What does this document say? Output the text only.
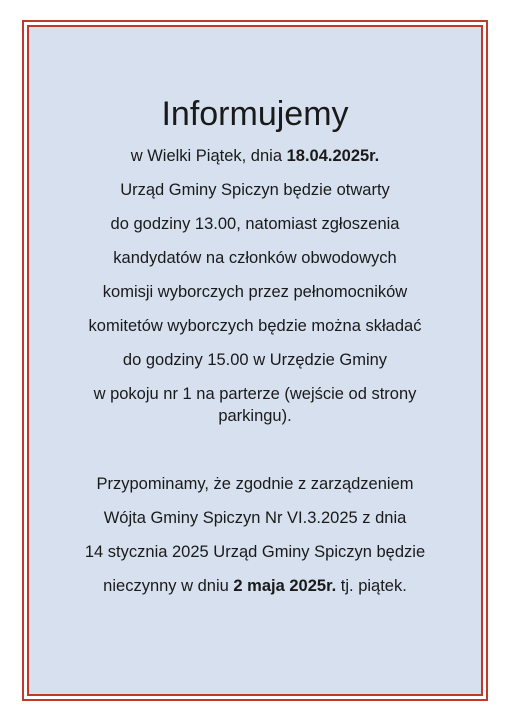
Informujemy

w Wielki Piątek, dnia 18.04.2025r.

Urząd Gminy Spiczyn będzie otwarty

do godziny 13.00, natomiast zgłoszenia

kandydatów na członków obwodowych

komisji wyborczych przez pełnomocników

komitetów wyborczych będzie można składać

do godziny 15.00 w Urzędzie Gminy

w pokoju nr 1 na parterze (wejście od strony

parkingu).

Przypominamy, że zgodnie z zarządzeniem

Wójta Gminy Spiczyn Nr VI.3.2025 z dnia

14 stycznia 2025 Urząd Gminy Spiczyn będzie

nieczynny w dniu 2 maja 2025r. tj. piątek.
